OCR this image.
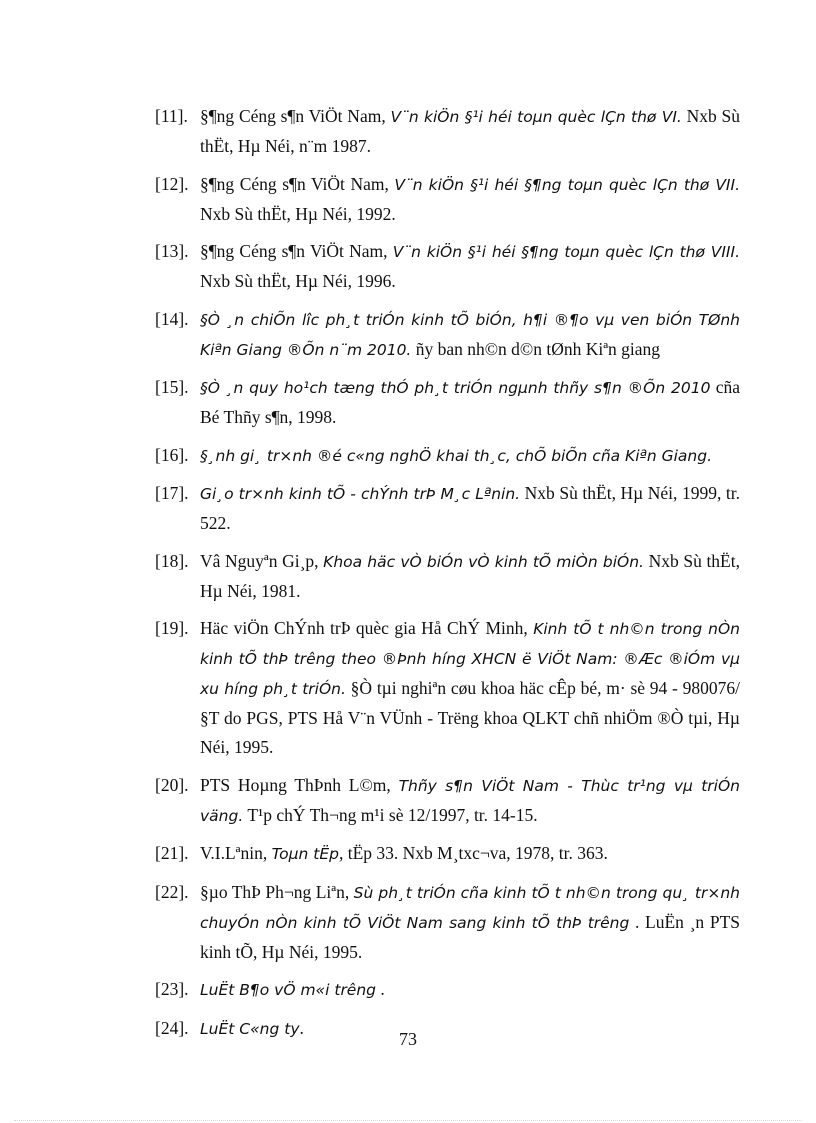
[11]. §¶ng Céng s¶n ViÖt Nam, V¨n kiÖn §¹i héi toµn quèc lÇn thø VI. Nxb Sù thËt, Hµ Néi, n¨m 1987.
[12]. §¶ng Céng s¶n ViÖt Nam, V¨n kiÖn §¹i héi §¶ng toµn quèc lÇn thø VII. Nxb Sù thËt, Hµ Néi, 1992.
[13]. §¶ng Céng s¶n ViÖt Nam, V¨n kiÖn §¹i héi §¶ng toµn quèc lÇn thø VIII. Nxb Sù thËt, Hµ Néi, 1996.
[14]. §Ò ¸n chiÕn lîc ph¸t triÓn kinh tÕ biÓn, h¶i ®¶o vµ ven biÓn TØnh Kiªn Giang ®Õn n¨m 2010. ñy ban nh©n d©n tØnh Kiªn giang
[15]. §Ò ¸n quy ho¹ch tæng thÓ ph¸t triÓn ngµnh thñy s¶n ®Õn 2010 cña Bé Thñy s¶n, 1998.
[16]. §¸nh gi¸ tr×nh ®é c«ng nghÖ khai th¸c, chÕ biÕn cña Kiªn Giang.
[17]. Gi¸o tr×nh kinh tÕ - chÝnh trÞ M¸c Lªnin. Nxb Sù thËt, Hµ Néi, 1999, tr. 522.
[18]. Vâ Nguyªn Gi¸p, Khoa häc vÒ biÓn vÒ kinh tÕ miÒn biÓn. Nxb Sù thËt, Hµ Néi, 1981.
[19]. Häc viÖn ChÝnh trÞ quèc gia Hå ChÝ Minh, Kinh tÕ t nh©n trong nÒn kinh tÕ thÞ trêng theo ®Þnh híng XHCN ë ViÖt Nam: ®Æc ®iÓm vµ xu híng ph¸t triÓn. §Ò tµi nghiªn cøu khoa häc cÊp bé, m· sè 94 - 980076/§T do PGS, PTS Hå V¨n VÜnh - Trëng khoa QLKT chñ nhiÖm ®Ò tµi, Hµ Néi, 1995.
[20]. PTS Hoµng ThÞnh L©m, Thñy s¶n ViÖt Nam - Thùc tr¹ng vµ triÓn väng. T¹p chÝ Th¬ng m¹i sè 12/1997, tr. 14-15.
[21]. V.I.Lªnin, Toµn tËp, tËp 33. Nxb M¸txc¬va, 1978, tr. 363.
[22]. §µo ThÞ Ph¬ng Liªn, Sù ph¸t triÓn cña kinh tÕ t nh©n trong qu¸ tr×nh chuyÓn nÒn kinh tÕ ViÖt Nam sang kinh tÕ thÞ trêng . LuËn ¸n PTS kinh tÕ, Hµ Néi, 1995.
[23]. LuËt B¶o vÖ m«i trêng .
[24]. LuËt C«ng ty.
73
